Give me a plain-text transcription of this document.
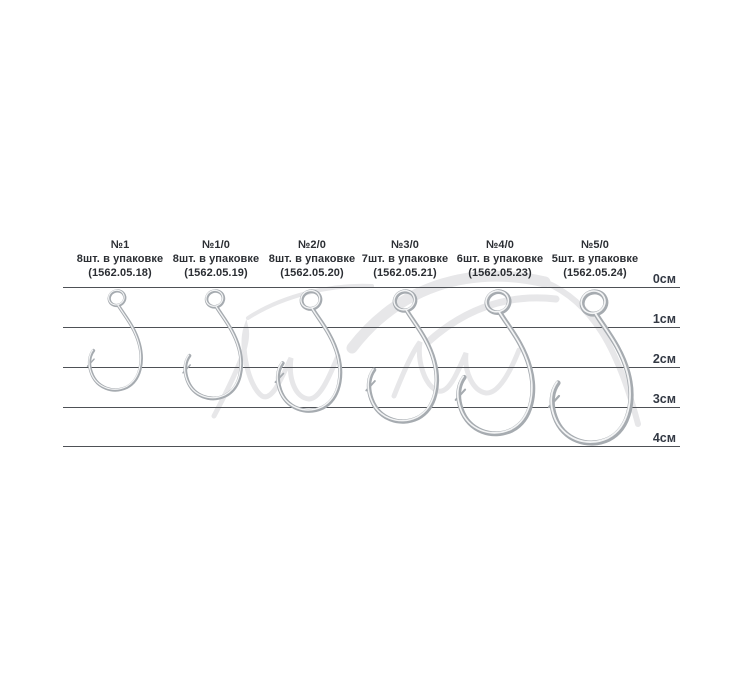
№1
8шт. в упаковке
(1562.05.18)
№1/0
8шт. в упаковке
(1562.05.19)
№2/0
8шт. в упаковке
(1562.05.20)
№3/0
7шт. в упаковке
(1562.05.21)
№4/0
6шт. в упаковке
(1562.05.23)
№5/0
5шт. в упаковке
(1562.05.24)	0см
1см
2см
3см
4см
